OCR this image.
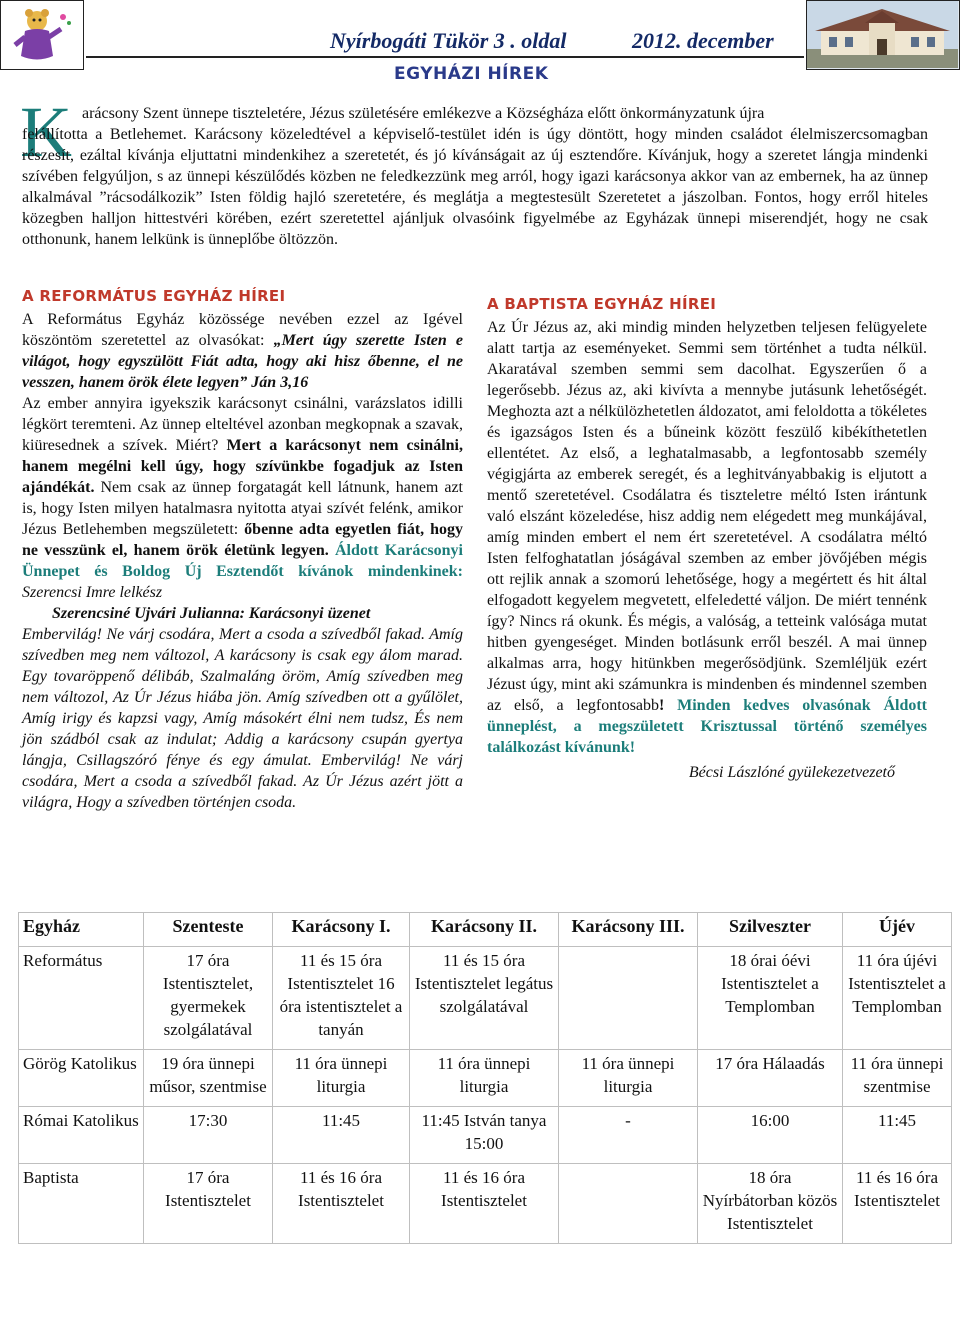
Nyírbogáti Tükör 3 . oldal	2012. december
EGYHÁZI HÍREK
K arácsony Szent ünnepe tiszteletére, Jézus születésére emlékezve a Községháza előtt önkormányzatunk újra

felállította a Betlehemet. Karácsony közeledtével a képviselő-testület idén is úgy döntött, hogy minden családot élelmiszercsomagban részesít, ezáltal kívánja eljuttatni mindenkihez a szeretetét, és jó kívánságait az új esztendőre. Kívánjuk, hogy a szeretet lángja mindenki szívében felgyúljon, s az ünnepi készülődés közben ne feledkezzünk meg arról, hogy igazi karácsonya akkor van az embernek, ha az ünnep alkalmával ”rácsodálkozik” Isten földig hajló szeretetére, és meglátja a megtestesült Szeretetet a jászolban. Fontos, hogy erről hiteles közegben halljon hittestvéri körében, ezért szeretettel ajánljuk olvasóink figyelmébe az Egyházak ünnepi miserendjét, hogy ne csak otthonunk, hanem lelkünk is ünneplőbe öltözzön.

A REFORMÁTUS EGYHÁZ HÍREI

A Református Egyház közössége nevében ezzel az Igével köszöntöm szeretettel az olvasókat: „Mert úgy szerette Isten e világot, hogy egyszülött Fiát adta, hogy aki hisz őbenne, el ne vesszen, hanem örök élete legyen” Ján 3,16

Az ember annyira igyekszik karácsonyt csinálni, varázslatos idilli légkört teremteni. Az ünnep elteltével azonban megkopnak a szavak, kiüresednek a szívek. Miért? Mert a karácsonyt nem csinálni, hanem megélni kell úgy, hogy szívünkbe fogadjuk az Isten ajándékát. Nem csak az ünnep forgatagát kell látnunk, hanem azt is, hogy Isten milyen hatalmasra nyitotta atyai szívét felénk, amikor Jézus Betlehemben megszületett: őbenne adta egyetlen fiát, hogy ne vesszünk el, hanem örök életünk legyen. Áldott Karácsonyi Ünnepet és Boldog Új Esztendőt kívánok mindenkinek: Szerencsi Imre lelkész

Szerencsiné Ujvári Julianna: Karácsonyi üzenet

Embervilág! Ne várj csodára, Mert a csoda a szívedből fakad. Amíg szívedben meg nem változol, A karácsony is csak egy álom marad. Egy tovaröppenő délibáb, Szalmaláng öröm, Amíg szívedben meg nem változol, Az Úr Jézus hiába jön. Amíg szívedben ott a gyűlölet, Amíg irigy és kapzsi vagy, Amíg másokért élni nem tudsz, És nem jön szádból csak az indulat; Addig a karácsony csupán gyertya lángja, Csillagszóró fénye és egy ámulat. Embervilág! Ne várj csodára, Mert a csoda a szívedből fakad. Az Úr Jézus azért jött a világra, Hogy a szívedben történjen csoda.

A BAPTISTA EGYHÁZ HÍREI

Az Úr Jézus az, aki mindig minden helyzetben teljesen felügyelete alatt tartja az eseményeket. Semmi sem történhet a tudta nélkül. Akaratával szemben semmi sem dacolhat. Egyszerűen ő a legerősebb. Jézus az, aki kivívta a mennybe jutásunk lehetőségét. Meghozta azt a nélkülözhetetlen áldozatot, ami feloldotta a tökéletes és igazságos Isten és a bűneink között feszülő kibékíthetetlen ellentétet. Az első, a leghatalmasabb, a legfontosabb személy végigjárta az emberek seregét, és a leghitványabbakig is eljutott a mentő szeretetével. Csodálatra és tiszteletre méltó Isten irántunk való elszánt közeledése, hisz addig nem elégedett meg munkájával, amíg minden embert el nem ért szeretetével. A csodálatra méltó Isten felfoghatatlan jóságával szemben az ember jövőjében mégis ott rejlik annak a szomorú lehetősége, hogy a megértett és hit által elfogadott kegyelem megvetett, elfeledetté váljon. De miért tennénk így? Nincs rá okunk. És mégis, a valóság, a tetteink valósága mutat hitben gyengeséget. Minden botlásunk erről beszél. A mai ünnep alkalmas arra, hogy hitünkben megerősödjünk. Szemléljük ezért Jézust úgy, mint aki számunkra is mindenben és mindennel szemben az első, a legfontosabb! Minden kedves olvasónak Áldott ünneplést, a megszületett Krisztussal történő személyes találkozást kívánunk!

Bécsi Lászlóné gyülekezetvezető

Egyház	Szenteste	Karácsony I.	Karácsony II.	Karácsony III.	Szilveszter	Újév
Református	17 óra Istentisztelet, gyermekek szolgálatával	11 és 15 óra Istentisztelet 16 óra istentisztelet a tanyán	11 és 15 óra Istentisztelet legátus szolgálatával		18 órai óévi Istentisztelet a Templomban	11 óra újévi Istentisztelet a Templomban
Görög Katolikus	19 óra ünnepi műsor, szentmise	11 óra ünnepi liturgia	11 óra ünnepi liturgia	11 óra ünnepi liturgia	17 óra Hálaadás	11 óra ünnepi szentmise
Római Katolikus	17:30	11:45	11:45 István tanya 15:00	-	16:00	11:45
Baptista	17 óra Istentisztelet	11 és 16 óra Istentisztelet	11 és 16 óra Istentisztelet		18 óra Nyírbátorban közös Istentisztelet	11 és 16 óra Istentisztelet
